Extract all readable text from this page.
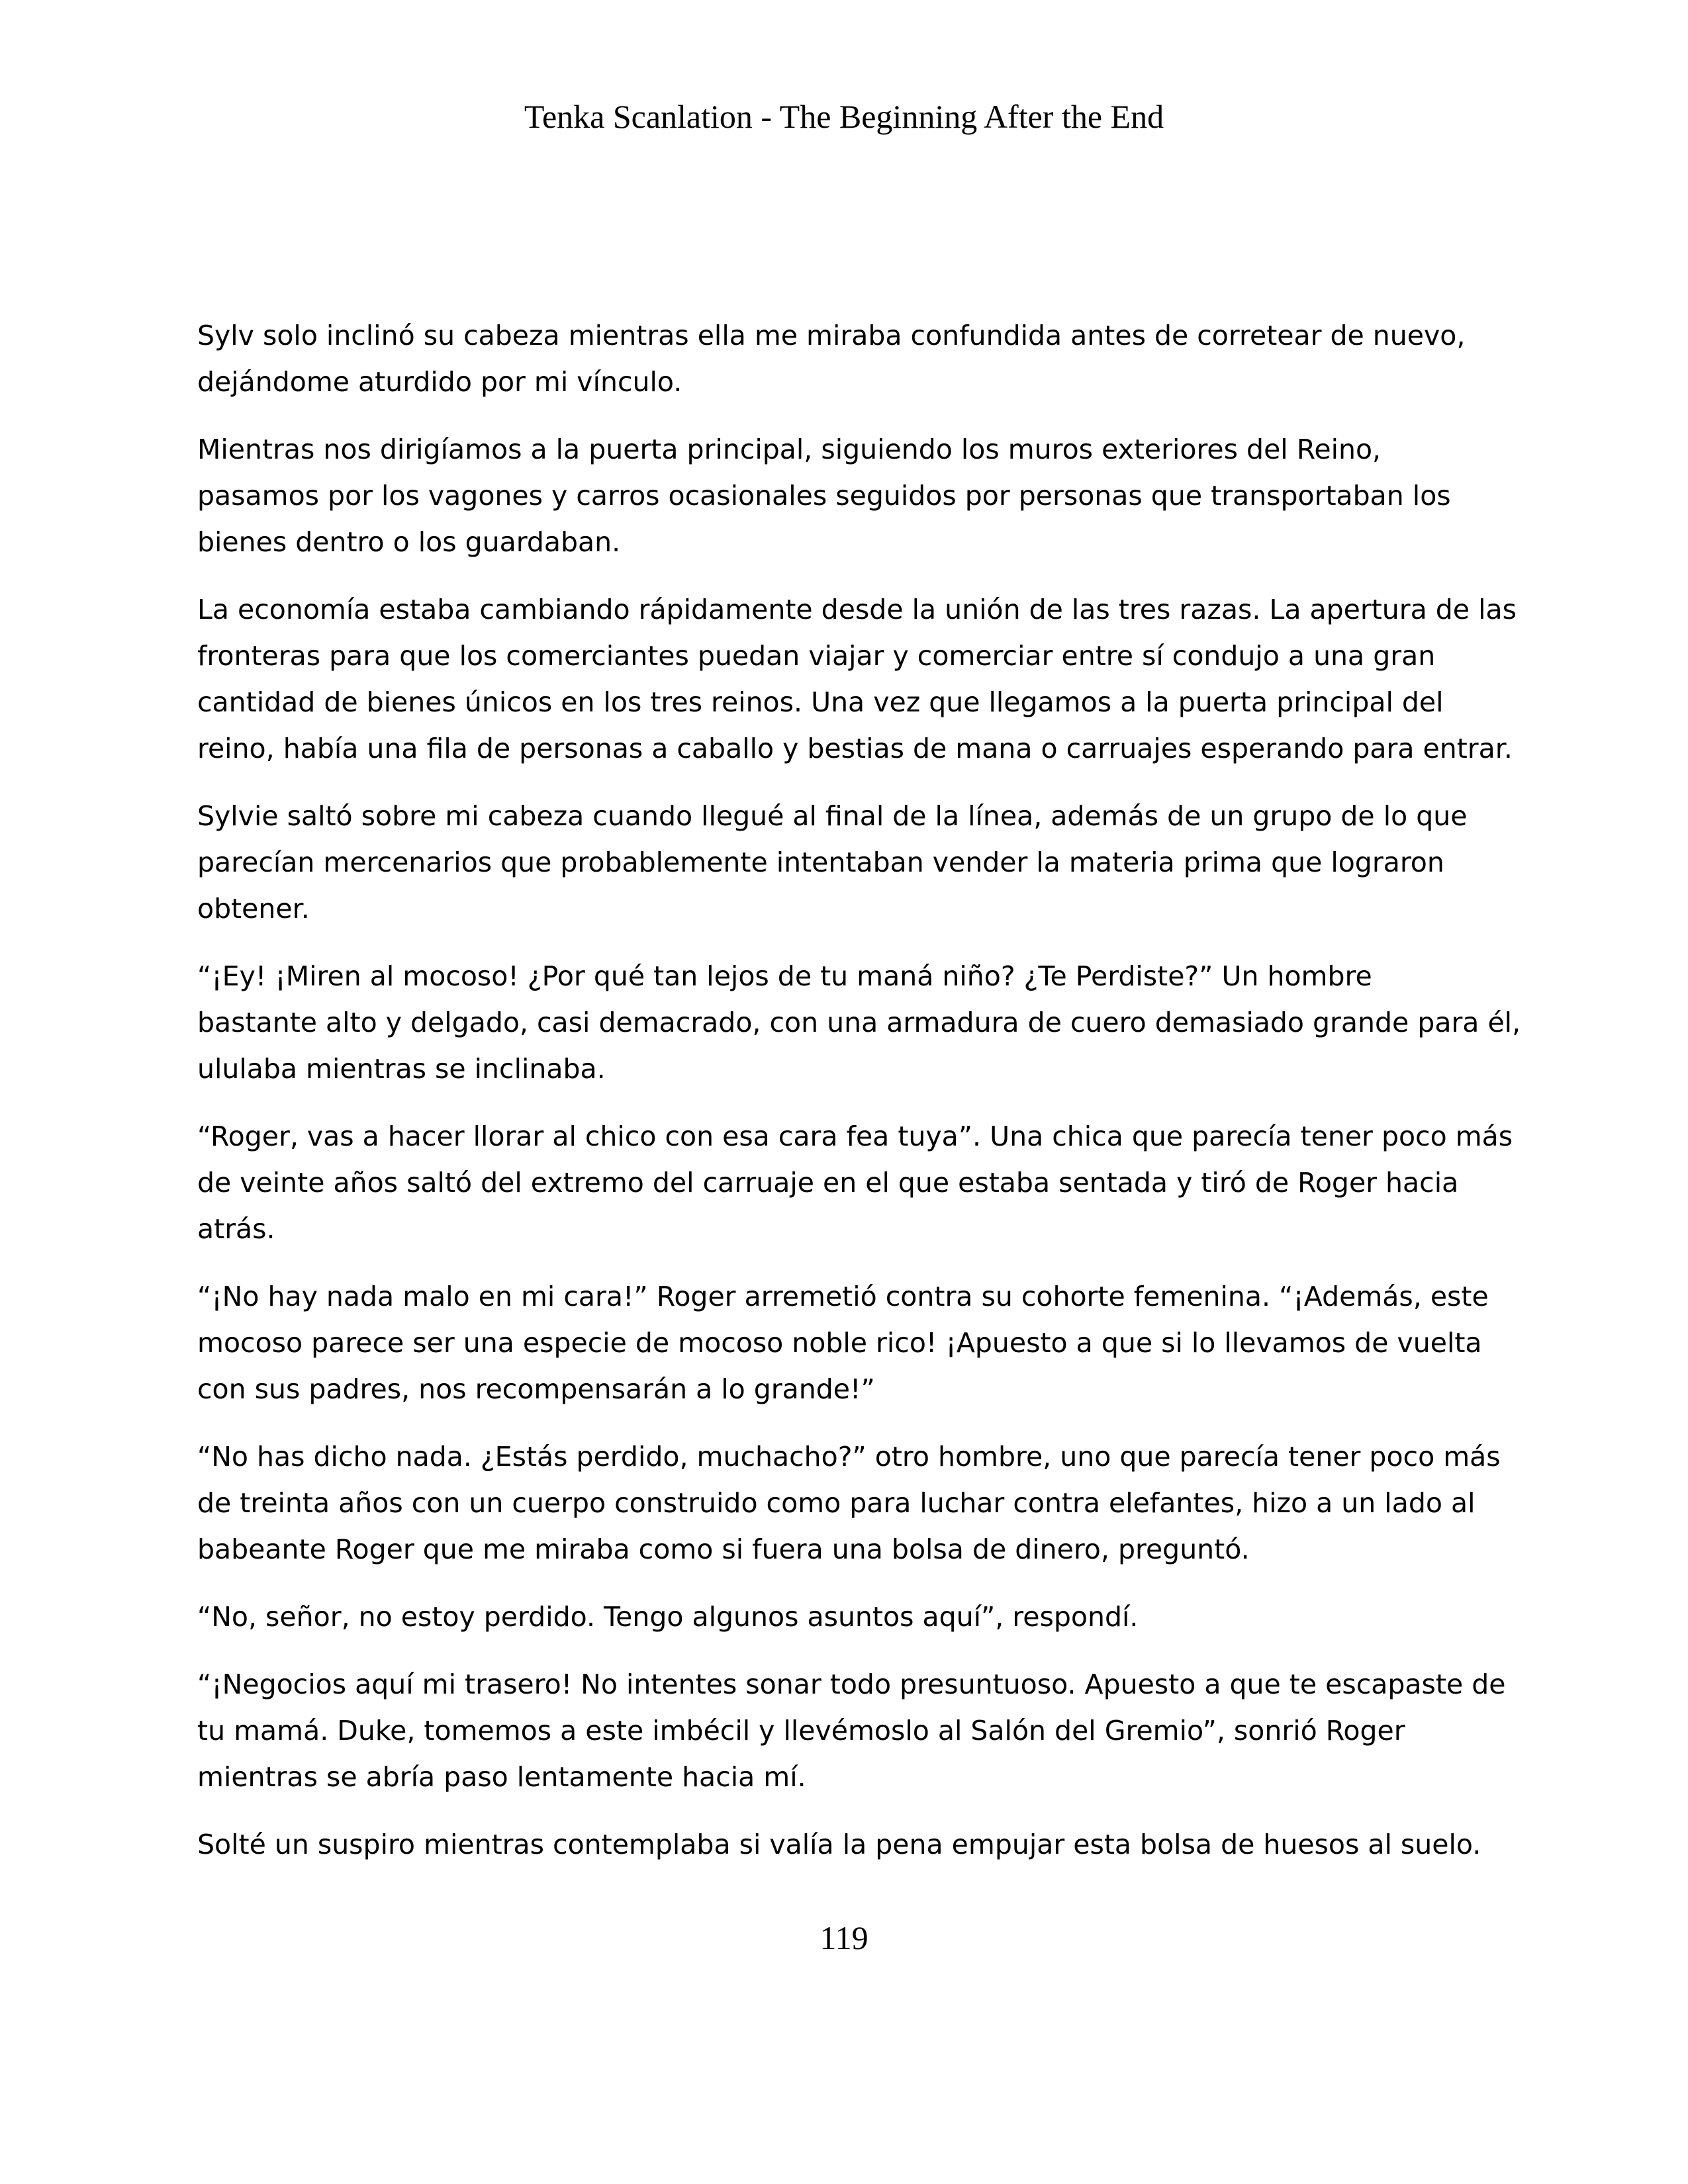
Tenka Scanlation - The Beginning After the End

Sylv solo inclinó su cabeza mientras ella me miraba confundida antes de corretear de nuevo,
dejándome aturdido por mi vínculo.

Mientras nos dirigíamos a la puerta principal, siguiendo los muros exteriores del Reino,
pasamos por los vagones y carros ocasionales seguidos por personas que transportaban los
bienes dentro o los guardaban.

La economía estaba cambiando rápidamente desde la unión de las tres razas. La apertura de las
fronteras para que los comerciantes puedan viajar y comerciar entre sí condujo a una gran
cantidad de bienes únicos en los tres reinos. Una vez que llegamos a la puerta principal del
reino, había una fila de personas a caballo y bestias de mana o carruajes esperando para entrar.

Sylvie saltó sobre mi cabeza cuando llegué al final de la línea, además de un grupo de lo que
parecían mercenarios que probablemente intentaban vender la materia prima que lograron
obtener.

“¡Ey! ¡Miren al mocoso! ¿Por qué tan lejos de tu maná niño? ¿Te Perdiste?” Un hombre
bastante alto y delgado, casi demacrado, con una armadura de cuero demasiado grande para él,
ululaba mientras se inclinaba.

“Roger, vas a hacer llorar al chico con esa cara fea tuya”. Una chica que parecía tener poco más
de veinte años saltó del extremo del carruaje en el que estaba sentada y tiró de Roger hacia
atrás.

“¡No hay nada malo en mi cara!” Roger arremetió contra su cohorte femenina. “¡Además, este
mocoso parece ser una especie de mocoso noble rico! ¡Apuesto a que si lo llevamos de vuelta
con sus padres, nos recompensarán a lo grande!”

“No has dicho nada. ¿Estás perdido, muchacho?” otro hombre, uno que parecía tener poco más
de treinta años con un cuerpo construido como para luchar contra elefantes, hizo a un lado al
babeante Roger que me miraba como si fuera una bolsa de dinero, preguntó.

“No, señor, no estoy perdido. Tengo algunos asuntos aquí”, respondí.

“¡Negocios aquí mi trasero! No intentes sonar todo presuntuoso. Apuesto a que te escapaste de
tu mamá. Duke, tomemos a este imbécil y llevémoslo al Salón del Gremio”, sonrió Roger
mientras se abría paso lentamente hacia mí.

Solté un suspiro mientras contemplaba si valía la pena empujar esta bolsa de huesos al suelo.

119
